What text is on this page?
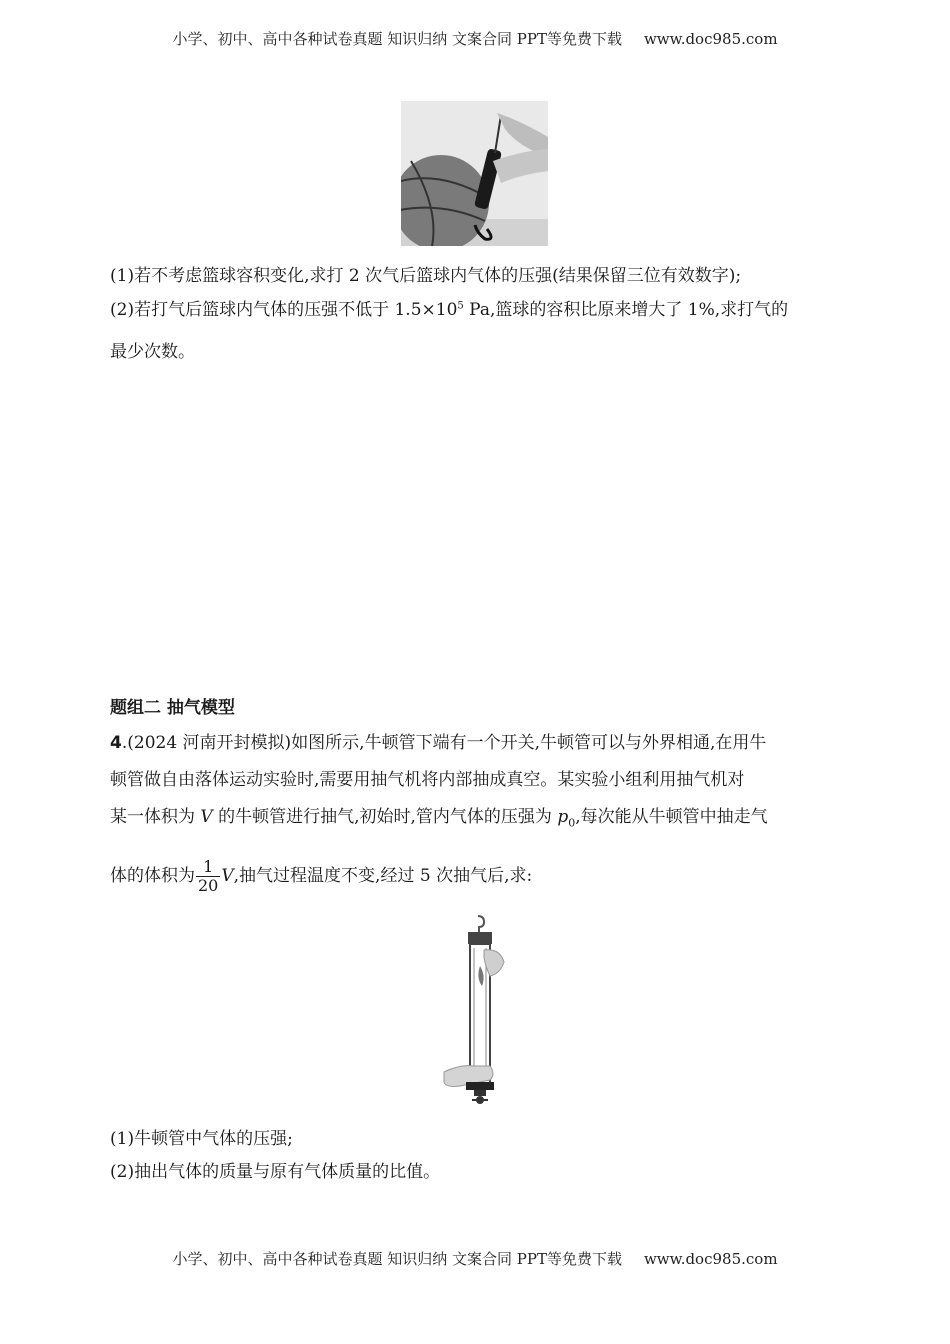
小学、初中、高中各种试卷真题 知识归纳 文案合同 PPT等免费下载 www.doc985.com
(1)若不考虑篮球容积变化,求打 2 次气后篮球内气体的压强(结果保留三位有效数字);
(2)若打气后篮球内气体的压强不低于 $1.5\times 10^5$ Pa,篮球的容积比原来增大了 1%,求打气的
最少次数。
题组二 抽气模型
4.(2024 河南开封模拟)如图所示,牛顿管下端有一个开关,牛顿管可以与外界相通,在用牛
顿管做自由落体运动实验时,需要用抽气机将内部抽成真空。某实验小组利用抽气机对
某一体积为 V 的牛顿管进行抽气,初始时,管内气体的压强为 $p_0$,每次能从牛顿管中抽走气
体的体积为 $\frac{1}{20} V$,抽气过程温度不变,经过 5 次抽气后,求:
(1)牛顿管中气体的压强;
(2)抽出气体的质量与原有气体质量的比值。
小学、初中、高中各种试卷真题 知识归纳 文案合同 PPT等免费下载 www.doc985.com
